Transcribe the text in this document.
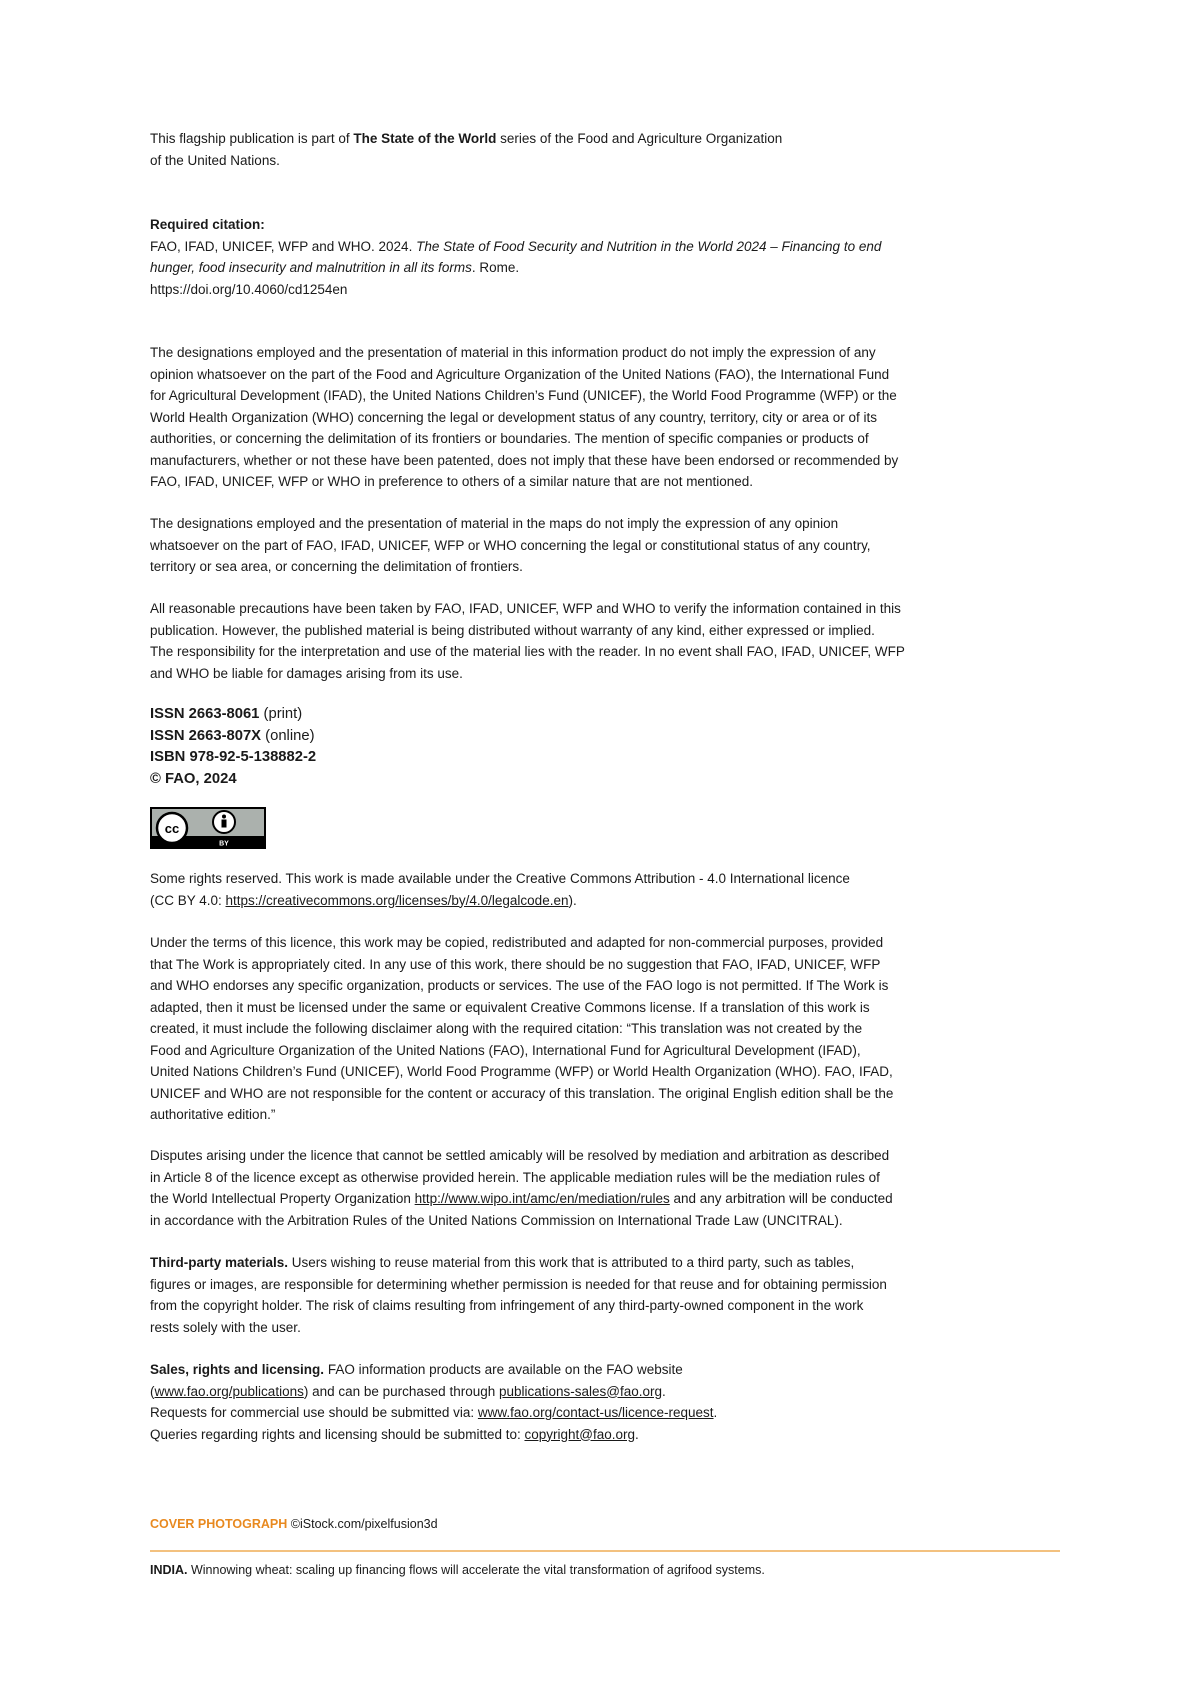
This flagship publication is part of The State of the World series of the Food and Agriculture Organization

of the United Nations.

Required citation:

FAO, IFAD, UNICEF, WFP and WHO. 2024. The State of Food Security and Nutrition in the World 2024 – Financing to end

hunger, food insecurity and malnutrition in all its forms. Rome.

https://doi.org/10.4060/cd1254en

The designations employed and the presentation of material in this information product do not imply the expression of any

opinion whatsoever on the part of the Food and Agriculture Organization of the United Nations (FAO), the International Fund

for Agricultural Development (IFAD), the United Nations Children’s Fund (UNICEF), the World Food Programme (WFP) or the

World Health Organization (WHO) concerning the legal or development status of any country, territory, city or area or of its

authorities, or concerning the delimitation of its frontiers or boundaries. The mention of specific companies or products of

manufacturers, whether or not these have been patented, does not imply that these have been endorsed or recommended by

FAO, IFAD, UNICEF, WFP or WHO in preference to others of a similar nature that are not mentioned.

The designations employed and the presentation of material in the maps do not imply the expression of any opinion

whatsoever on the part of FAO, IFAD, UNICEF, WFP or WHO concerning the legal or constitutional status of any country,

territory or sea area, or concerning the delimitation of frontiers.

All reasonable precautions have been taken by FAO, IFAD, UNICEF, WFP and WHO to verify the information contained in this

publication. However, the published material is being distributed without warranty of any kind, either expressed or implied.

The responsibility for the interpretation and use of the material lies with the reader. In no event shall FAO, IFAD, UNICEF, WFP

and WHO be liable for damages arising from its use.

ISSN 2663-8061 (print)

ISSN 2663-807X (online)

ISBN 978-92-5-138882-2

© FAO, 2024

cc
BY

Some rights reserved. This work is made available under the Creative Commons Attribution - 4.0 International licence

(CC BY 4.0: https://creativecommons.org/licenses/by/4.0/legalcode.en).

Under the terms of this licence, this work may be copied, redistributed and adapted for non-commercial purposes, provided

that The Work is appropriately cited. In any use of this work, there should be no suggestion that FAO, IFAD, UNICEF, WFP

and WHO endorses any specific organization, products or services. The use of the FAO logo is not permitted. If The Work is

adapted, then it must be licensed under the same or equivalent Creative Commons license. If a translation of this work is

created, it must include the following disclaimer along with the required citation: “This translation was not created by the

Food and Agriculture Organization of the United Nations (FAO), International Fund for Agricultural Development (IFAD),

United Nations Children’s Fund (UNICEF), World Food Programme (WFP) or World Health Organization (WHO). FAO, IFAD,

UNICEF and WHO are not responsible for the content or accuracy of this translation. The original English edition shall be the

authoritative edition.”

Disputes arising under the licence that cannot be settled amicably will be resolved by mediation and arbitration as described

in Article 8 of the licence except as otherwise provided herein. The applicable mediation rules will be the mediation rules of

the World Intellectual Property Organization http://www.wipo.int/amc/en/mediation/rules and any arbitration will be conducted

in accordance with the Arbitration Rules of the United Nations Commission on International Trade Law (UNCITRAL).

Third-party materials. Users wishing to reuse material from this work that is attributed to a third party, such as tables,

figures or images, are responsible for determining whether permission is needed for that reuse and for obtaining permission

from the copyright holder. The risk of claims resulting from infringement of any third-party-owned component in the work

rests solely with the user.

Sales, rights and licensing. FAO information products are available on the FAO website

(www.fao.org/publications) and can be purchased through publications-sales@fao.org.

Requests for commercial use should be submitted via: www.fao.org/contact-us/licence-request.

Queries regarding rights and licensing should be submitted to: copyright@fao.org.

COVER PHOTOGRAPH ©iStock.com/pixelfusion3d

INDIA. Winnowing wheat: scaling up financing flows will accelerate the vital transformation of agrifood systems.
